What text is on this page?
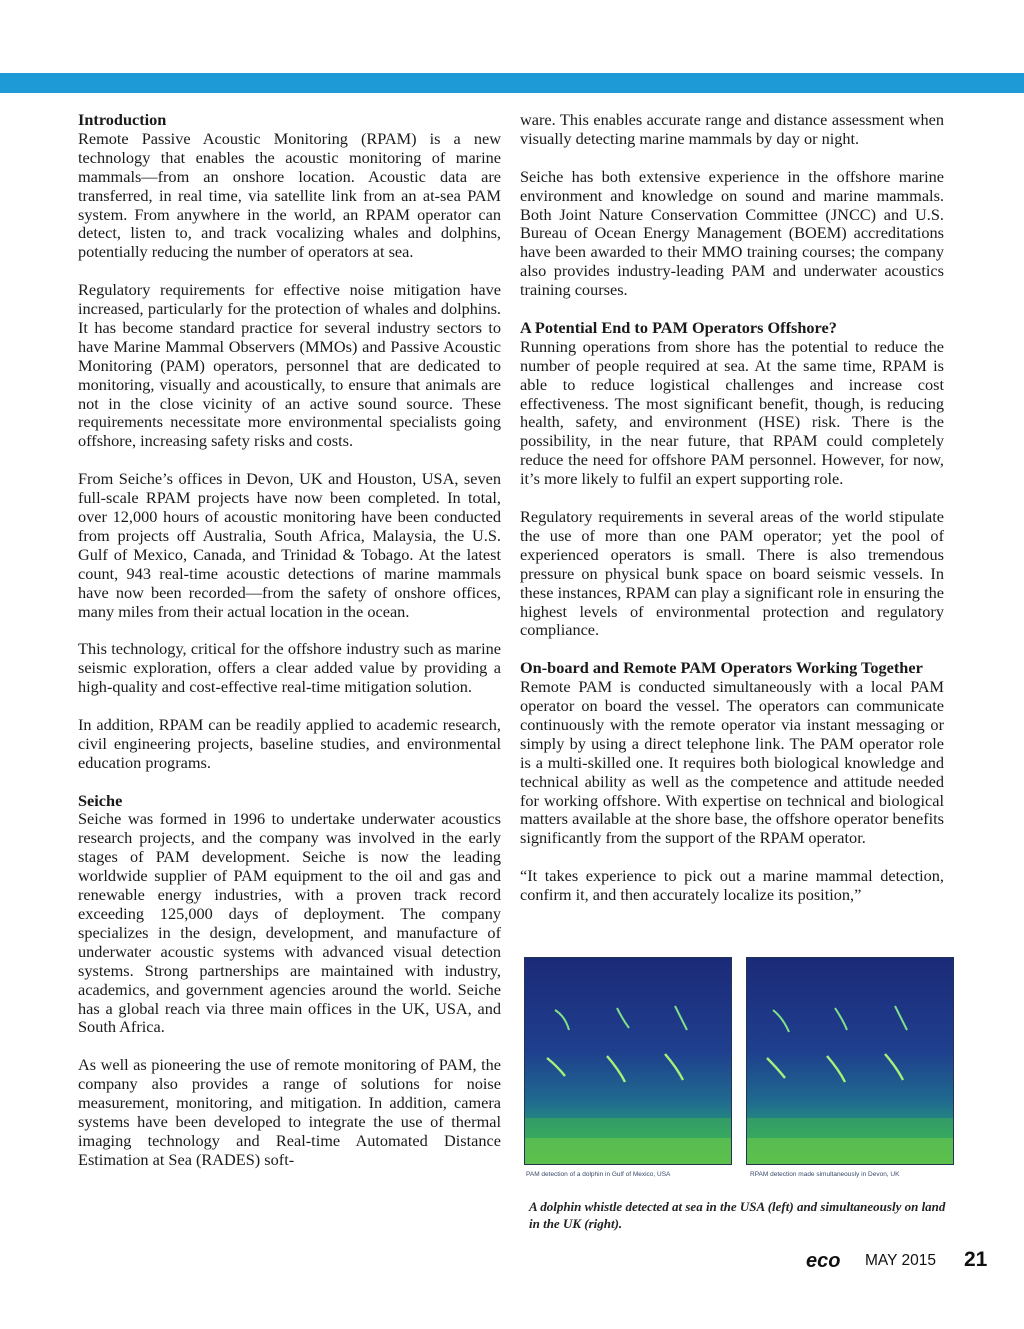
Introduction

Remote Passive Acoustic Monitoring (RPAM) is a new technology that enables the acoustic monitoring of marine mammals—from an onshore location. Acoustic data are transferred, in real time, via satellite link from an at-sea PAM system. From anywhere in the world, an RPAM operator can detect, listen to, and track vocalizing whales and dolphins, potentially reducing the number of operators at sea.

Regulatory requirements for effective noise mitigation have increased, particularly for the protection of whales and dolphins. It has become standard practice for several industry sectors to have Marine Mammal Observers (MMOs) and Passive Acoustic Monitoring (PAM) operators, personnel that are dedicated to monitoring, visually and acoustically, to ensure that animals are not in the close vicinity of an active sound source. These requirements necessitate more environmental specialists going offshore, increasing safety risks and costs.

From Seiche’s offices in Devon, UK and Houston, USA, seven full-scale RPAM projects have now been completed. In total, over 12,000 hours of acoustic monitoring have been conducted from projects off Australia, South Africa, Malaysia, the U.S. Gulf of Mexico, Canada, and Trinidad & Tobago. At the latest count, 943 real-time acoustic detections of marine mammals have now been recorded—from the safety of onshore offices, many miles from their actual location in the ocean.

This technology, critical for the offshore industry such as marine seismic exploration, offers a clear added value by providing a high-quality and cost-effective real-time mitigation solution.

In addition, RPAM can be readily applied to academic research, civil engineering projects, baseline studies, and environmental education programs.

Seiche

Seiche was formed in 1996 to undertake underwater acoustics research projects, and the company was involved in the early stages of PAM development. Seiche is now the leading worldwide supplier of PAM equipment to the oil and gas and renewable energy industries, with a proven track record exceeding 125,000 days of deployment. The company specializes in the design, development, and manufacture of underwater acoustic systems with advanced visual detection systems. Strong partnerships are maintained with industry, academics, and government agencies around the world. Seiche has a global reach via three main offices in the UK, USA, and South Africa.

As well as pioneering the use of remote monitoring of PAM, the company also provides a range of solutions for noise measurement, monitoring, and mitigation. In addition, camera systems have been developed to integrate the use of thermal imaging technology and Real-time Automated Distance Estimation at Sea (RADES) soft-

ware. This enables accurate range and distance assessment when visually detecting marine mammals by day or night.

Seiche has both extensive experience in the offshore marine environment and knowledge on sound and marine mammals. Both Joint Nature Conservation Committee (JNCC) and U.S. Bureau of Ocean Energy Management (BOEM) accreditations have been awarded to their MMO training courses; the company also provides industry-leading PAM and underwater acoustics training courses.

A Potential End to PAM Operators Offshore?

Running operations from shore has the potential to reduce the number of people required at sea. At the same time, RPAM is able to reduce logistical challenges and increase cost effectiveness. The most significant benefit, though, is reducing health, safety, and environment (HSE) risk. There is the possibility, in the near future, that RPAM could completely reduce the need for offshore PAM personnel. However, for now, it’s more likely to fulfil an expert supporting role.

Regulatory requirements in several areas of the world stipulate the use of more than one PAM operator; yet the pool of experienced operators is small. There is also tremendous pressure on physical bunk space on board seismic vessels. In these instances, RPAM can play a significant role in ensuring the highest levels of environmental protection and regulatory compliance.

On-board and Remote PAM Operators Working Together

Remote PAM is conducted simultaneously with a local PAM operator on board the vessel. The operators can communicate continuously with the remote operator via instant messaging or simply by using a direct telephone link. The PAM operator role is a multi-skilled one. It requires both biological knowledge and technical ability as well as the competence and attitude needed for working offshore. With expertise on technical and biological matters available at the shore base, the offshore operator benefits significantly from the support of the RPAM operator.

“It takes experience to pick out a marine mammal detection, confirm it, and then accurately localize its position,”

PAM detection of a dolphin in Gulf of Mexico, USA	RPAM detection made simultaneously in Devon, UK
A dolphin whistle detected at sea in the USA (left) and simultaneously on land in the UK (right).
eco MAY 2015 21
